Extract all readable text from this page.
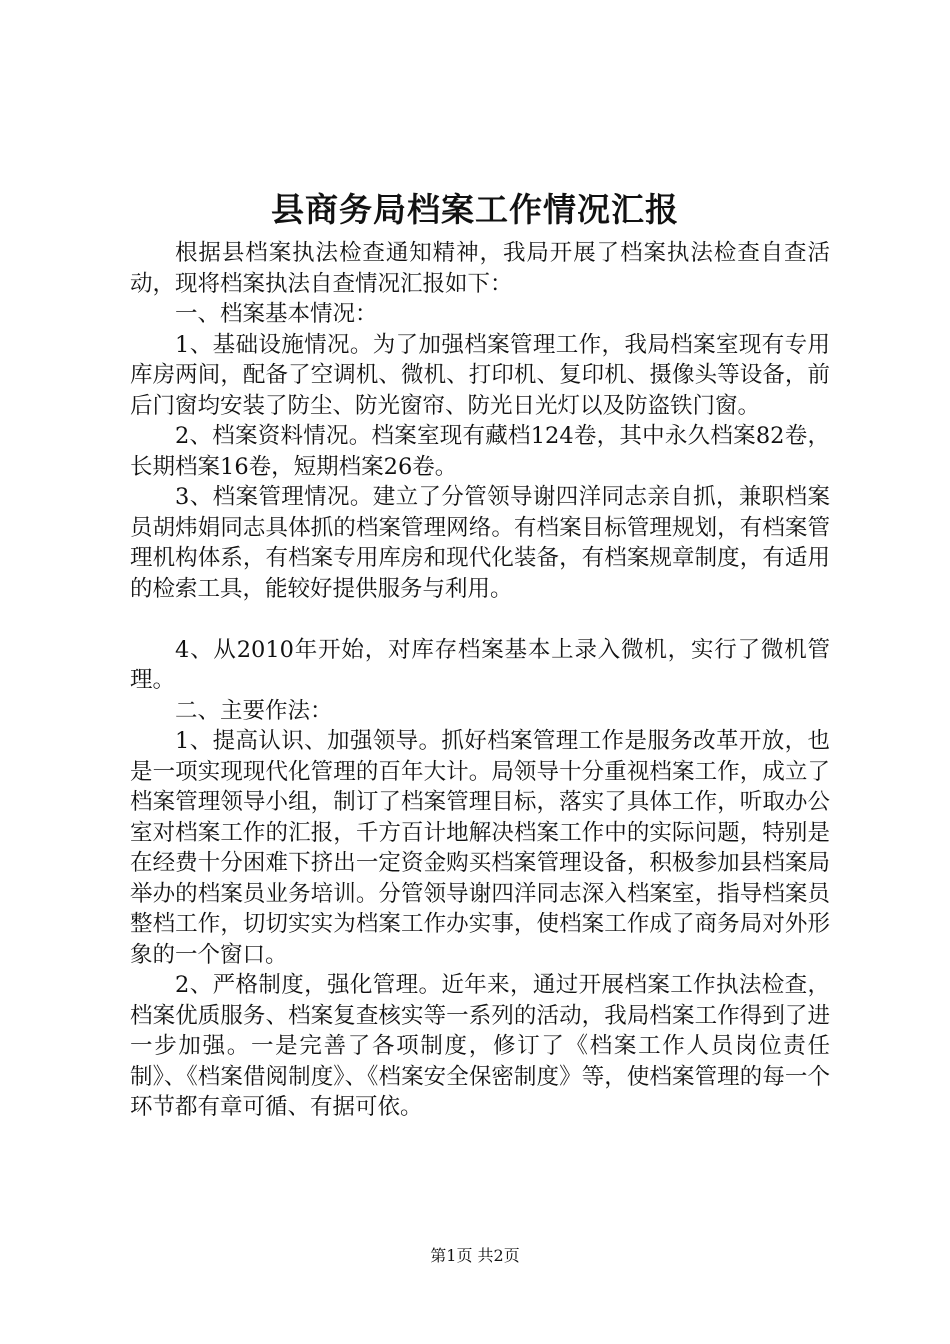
县商务局档案工作情况汇报

根据县档案执法检查通知精神，我局开展了档案执法检查自查活动，现将档案执法自查情况汇报如下：

一、档案基本情况：

1、基础设施情况。为了加强档案管理工作，我局档案室现有专用库房两间，配备了空调机、微机、打印机、复印机、摄像头等设备，前后门窗均安装了防尘、防光窗帘、防光日光灯以及防盗铁门窗。

2、档案资料情况。档案室现有藏档124卷，其中永久档案82卷，长期档案16卷，短期档案26卷。

3、档案管理情况。建立了分管领导谢四洋同志亲自抓，兼职档案员胡炜娟同志具体抓的档案管理网络。有档案目标管理规划，有档案管理机构体系，有档案专用库房和现代化装备，有档案规章制度，有适用的检索工具，能较好提供服务与利用。

4、从2010年开始，对库存档案基本上录入微机，实行了微机管理。

二、主要作法：

1、提高认识、加强领导。抓好档案管理工作是服务改革开放，也是一项实现现代化管理的百年大计。局领导十分重视档案工作，成立了档案管理领导小组，制订了档案管理目标，落实了具体工作，听取办公室对档案工作的汇报，千方百计地解决档案工作中的实际问题，特别是在经费十分困难下挤出一定资金购买档案管理设备，积极参加县档案局举办的档案员业务培训。分管领导谢四洋同志深入档案室，指导档案员整档工作，切切实实为档案工作办实事，使档案工作成了商务局对外形象的一个窗口。

2、严格制度，强化管理。近年来，通过开展档案工作执法检查，档案优质服务、档案复查核实等一系列的活动，我局档案工作得到了进一步加强。一是完善了各项制度，修订了《档案工作人员岗位责任制》、《档案借阅制度》、《档案安全保密制度》等，使档案管理的每一个环节都有章可循、有据可依。

第1页 共2页
